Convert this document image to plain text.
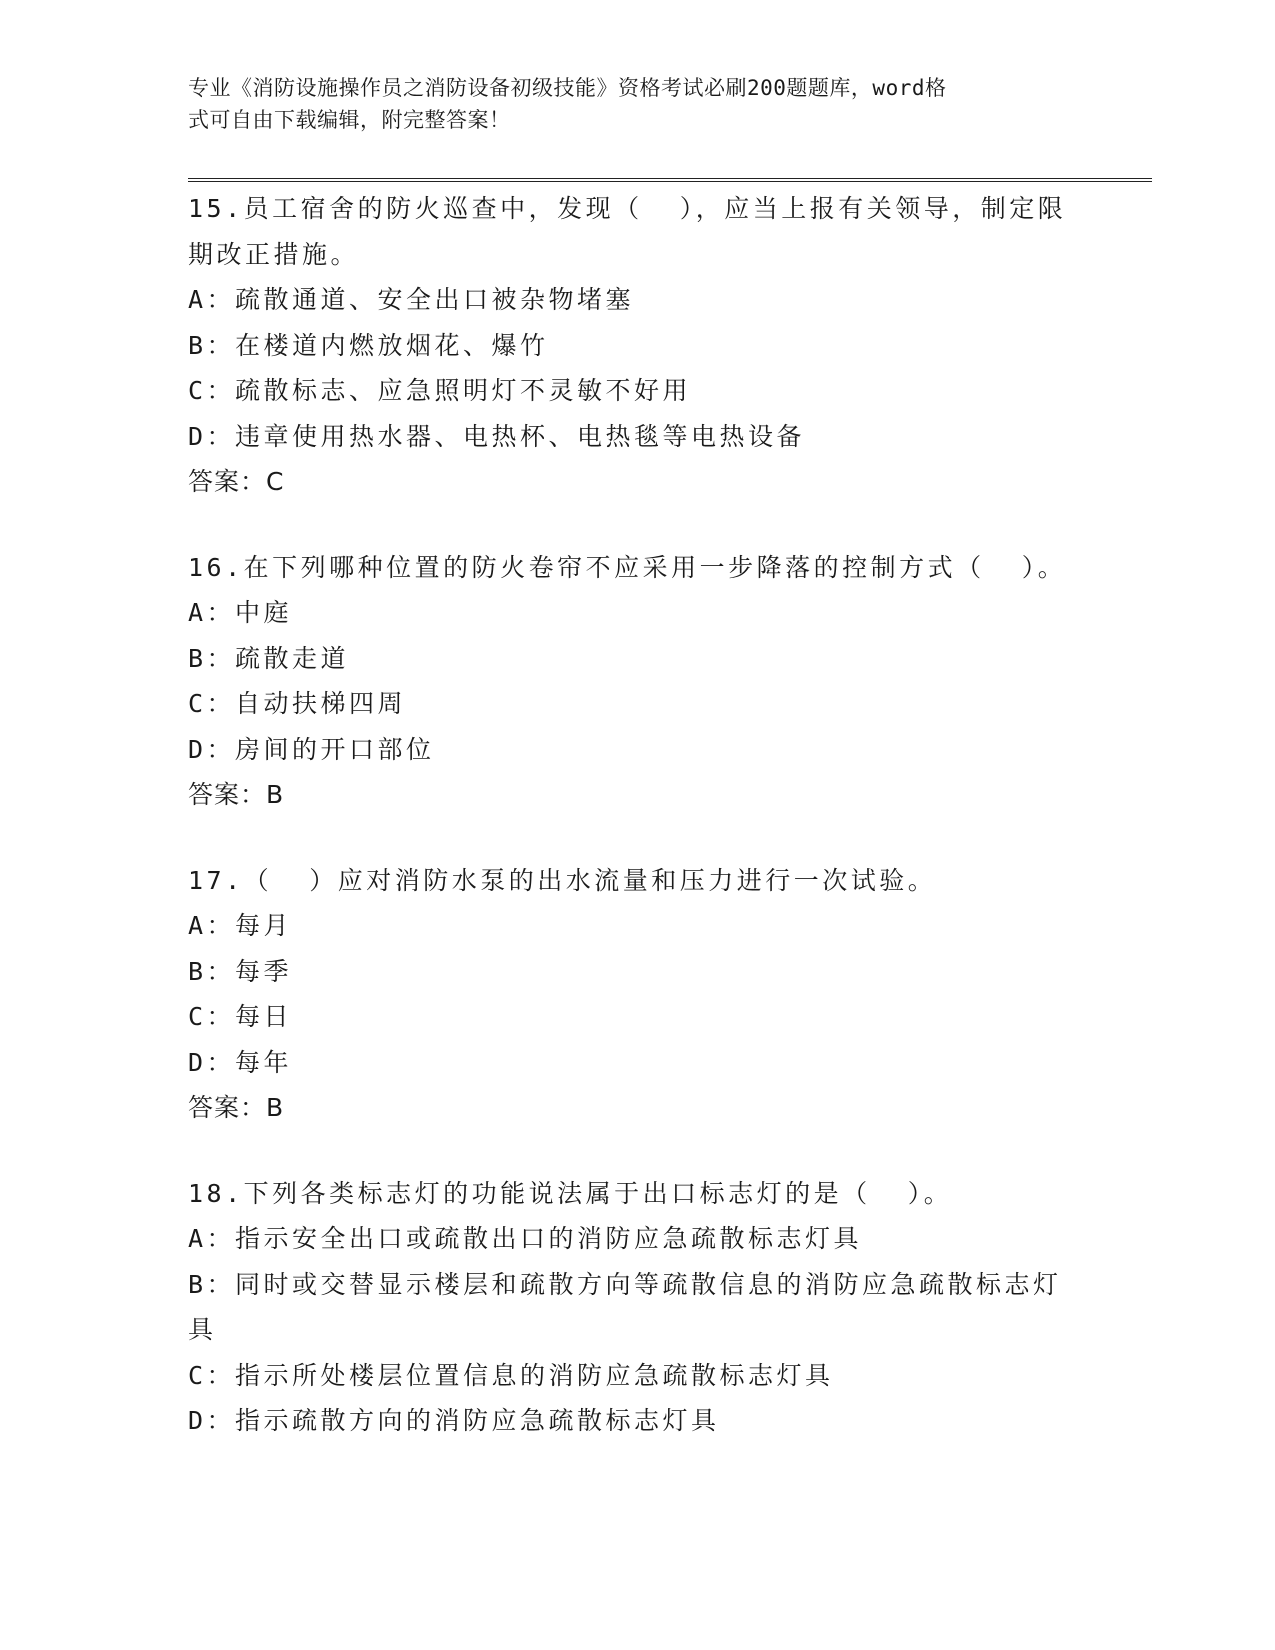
专业《消防设施操作员之消防设备初级技能》资格考试必刷200题题库，word格
式可自由下载编辑，附完整答案！
15.员工宿舍的防火巡查中，发现（  ），应当上报有关领导，制定限
期改正措施。
A：疏散通道、安全出口被杂物堵塞
B：在楼道内燃放烟花、爆竹
C：疏散标志、应急照明灯不灵敏不好用
D：违章使用热水器、电热杯、电热毯等电热设备
答案：C
16.在下列哪种位置的防火卷帘不应采用一步降落的控制方式（  ）。
A：中庭
B：疏散走道
C：自动扶梯四周
D：房间的开口部位
答案：B
17.（  ）应对消防水泵的出水流量和压力进行一次试验。
A：每月
B：每季
C：每日
D：每年
答案：B
18.下列各类标志灯的功能说法属于出口标志灯的是（  ）。
A：指示安全出口或疏散出口的消防应急疏散标志灯具
B：同时或交替显示楼层和疏散方向等疏散信息的消防应急疏散标志灯
具
C：指示所处楼层位置信息的消防应急疏散标志灯具
D：指示疏散方向的消防应急疏散标志灯具
